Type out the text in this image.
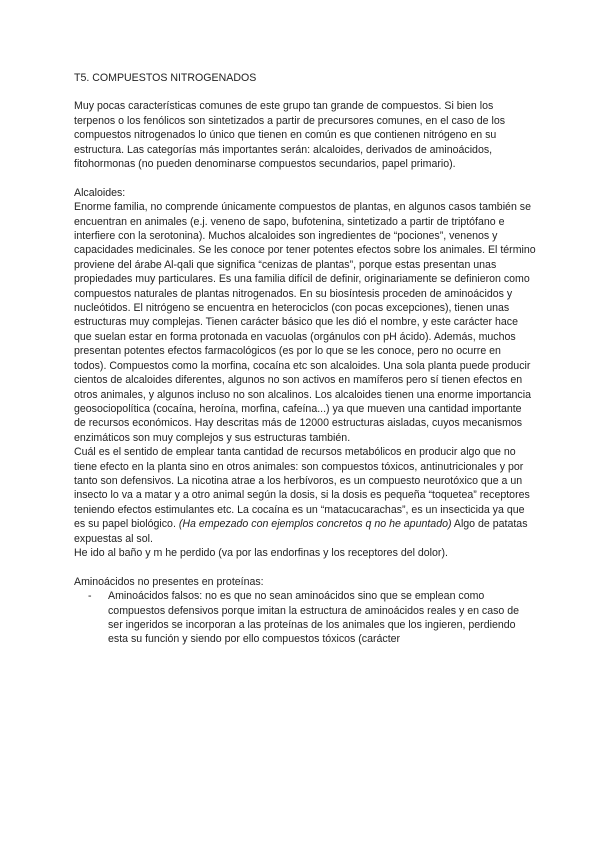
T5. COMPUESTOS NITROGENADOS

Muy pocas características comunes de este grupo tan grande de compuestos. Si bien los terpenos o los fenólicos son sintetizados a partir de precursores comunes, en el caso de los compuestos nitrogenados lo único que tienen en común es que contienen nitrógeno en su estructura. Las categorías más importantes serán: alcaloides, derivados de aminoácidos, fitohormonas (no pueden denominarse compuestos secundarios, papel primario).

Alcaloides:

Enorme familia, no comprende únicamente compuestos de plantas, en algunos casos también se encuentran en animales (e.j. veneno de sapo, bufotenina, sintetizado a partir de triptófano e interfiere con la serotonina). Muchos alcaloides son ingredientes de “pociones”, venenos y capacidades medicinales. Se les conoce por tener potentes efectos sobre los animales. El término proviene del árabe Al-qali que significa “cenizas de plantas”, porque estas presentan unas propiedades muy particulares. Es una familia difícil de definir, originariamente se definieron como compuestos naturales de plantas nitrogenados. En su biosíntesis proceden de aminoácidos y nucleótidos. El nitrógeno se encuentra en heterociclos (con pocas excepciones), tienen unas estructuras muy complejas. Tienen carácter básico que les dió el nombre, y este carácter hace que suelan estar en forma protonada en vacuolas (orgánulos con pH ácido). Además, muchos presentan potentes efectos farmacológicos (es por lo que se les conoce, pero no ocurre en todos). Compuestos como la morfina, cocaína etc son alcaloides. Una sola planta puede producir cientos de alcaloides diferentes, algunos no son activos en mamíferos pero sí tienen efectos en otros animales, y algunos incluso no son alcalinos. Los alcaloides tienen una enorme importancia geosociopolítica (cocaína, heroína, morfina, cafeína...) ya que mueven una cantidad importante de recursos económicos. Hay descritas más de 12000 estructuras aisladas, cuyos mecanismos enzimáticos son muy complejos y sus estructuras también.

Cuál es el sentido de emplear tanta cantidad de recursos metabólicos en producir algo que no tiene efecto en la planta sino en otros animales: son compuestos tóxicos, antinutricionales y por tanto son defensivos. La nicotina atrae a los herbívoros, es un compuesto neurotóxico que a un insecto lo va a matar y a otro animal según la dosis, si la dosis es pequeña “toquetea” receptores teniendo efectos estimulantes etc. La cocaína es un “matacucarachas”, es un insecticida ya que es su papel biológico. (Ha empezado con ejemplos concretos q no he apuntado) Algo de patatas expuestas al sol.

He ido al baño y m he perdido (va por las endorfinas y los receptores del dolor).

Aminoácidos no presentes en proteínas:

- Aminoácidos falsos: no es que no sean aminoácidos sino que se emplean como compuestos defensivos porque imitan la estructura de aminoácidos reales y en caso de ser ingeridos se incorporan a las proteínas de los animales que los ingieren, perdiendo esta su función y siendo por ello compuestos tóxicos (carácter
